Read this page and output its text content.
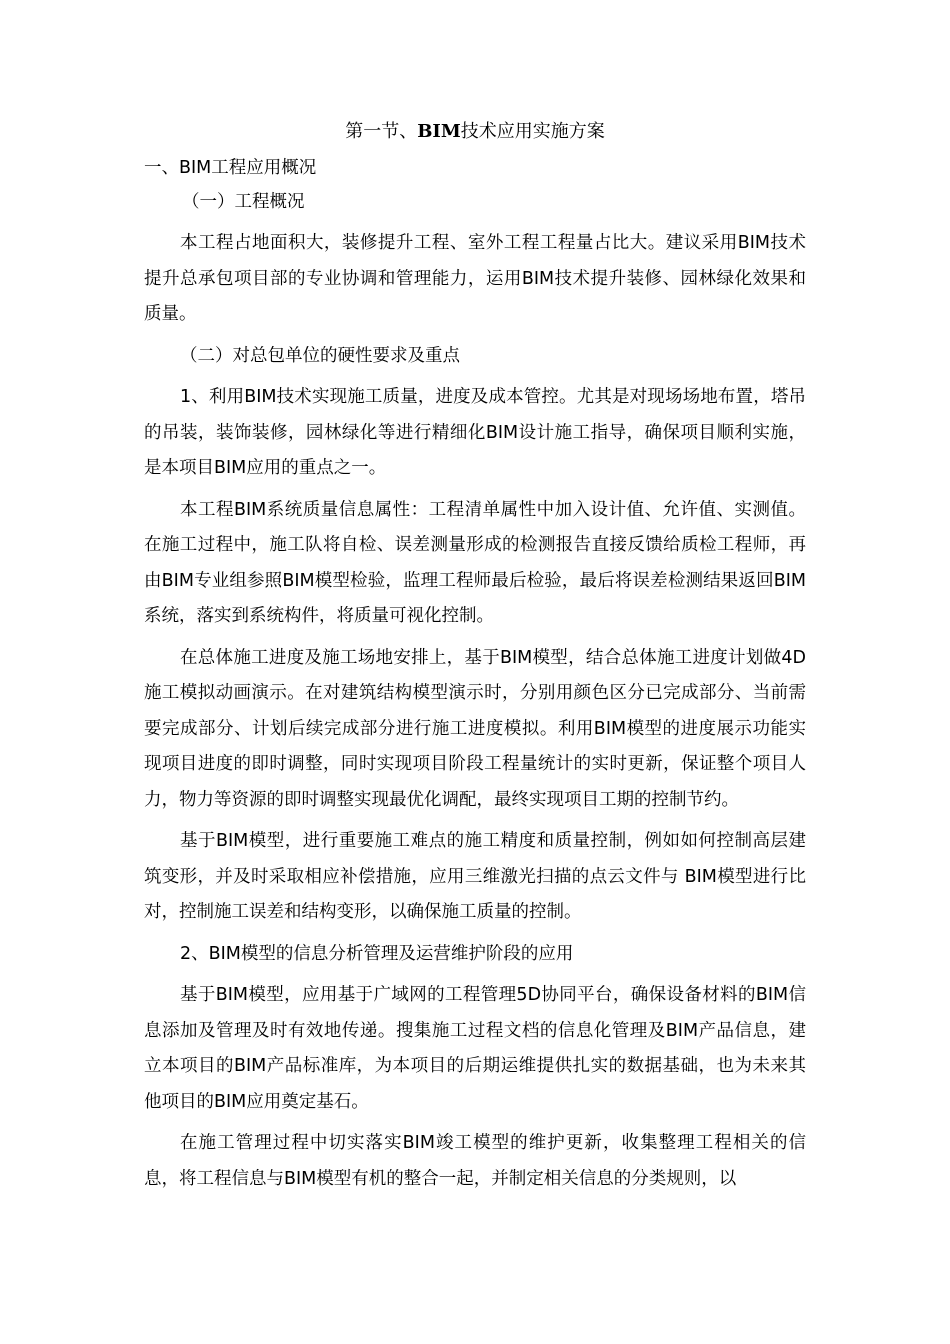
第一节、BIM技术应用实施方案
一、BIM工程应用概况
（一）工程概况

本工程占地面积大，装修提升工程、室外工程工程量占比大。建议采用BIM技术提升总承包项目部的专业协调和管理能力，运用BIM技术提升装修、园林绿化效果和质量。

（二）对总包单位的硬性要求及重点

1、利用BIM技术实现施工质量，进度及成本管控。尤其是对现场场地布置，塔吊的吊装，装饰装修，园林绿化等进行精细化BIM设计施工指导，确保项目顺利实施，是本项目BIM应用的重点之一。

本工程BIM系统质量信息属性：工程清单属性中加入设计值、允许值、实测值。在施工过程中，施工队将自检、误差测量形成的检测报告直接反馈给质检工程师，再由BIM专业组参照BIM模型检验，监理工程师最后检验，最后将误差检测结果返回BIM系统，落实到系统构件，将质量可视化控制。

在总体施工进度及施工场地安排上，基于BIM模型，结合总体施工进度计划做4D施工模拟动画演示。在对建筑结构模型演示时，分别用颜色区分已完成部分、当前需要完成部分、计划后续完成部分进行施工进度模拟。利用BIM模型的进度展示功能实现项目进度的即时调整，同时实现项目阶段工程量统计的实时更新，保证整个项目人力，物力等资源的即时调整实现最优化调配，最终实现项目工期的控制节约。

基于BIM模型，进行重要施工难点的施工精度和质量控制，例如如何控制高层建筑变形，并及时采取相应补偿措施，应用三维激光扫描的点云文件与 BIM模型进行比对，控制施工误差和结构变形，以确保施工质量的控制。

2、BIM模型的信息分析管理及运营维护阶段的应用

基于BIM模型，应用基于广域网的工程管理5D协同平台，确保设备材料的BIM信息添加及管理及时有效地传递。搜集施工过程文档的信息化管理及BIM产品信息，建立本项目的BIM产品标准库，为本项目的后期运维提供扎实的数据基础，也为未来其他项目的BIM应用奠定基石。

在施工管理过程中切实落实BIM竣工模型的维护更新，收集整理工程相关的信息，将工程信息与BIM模型有机的整合一起，并制定相关信息的分类规则，以
